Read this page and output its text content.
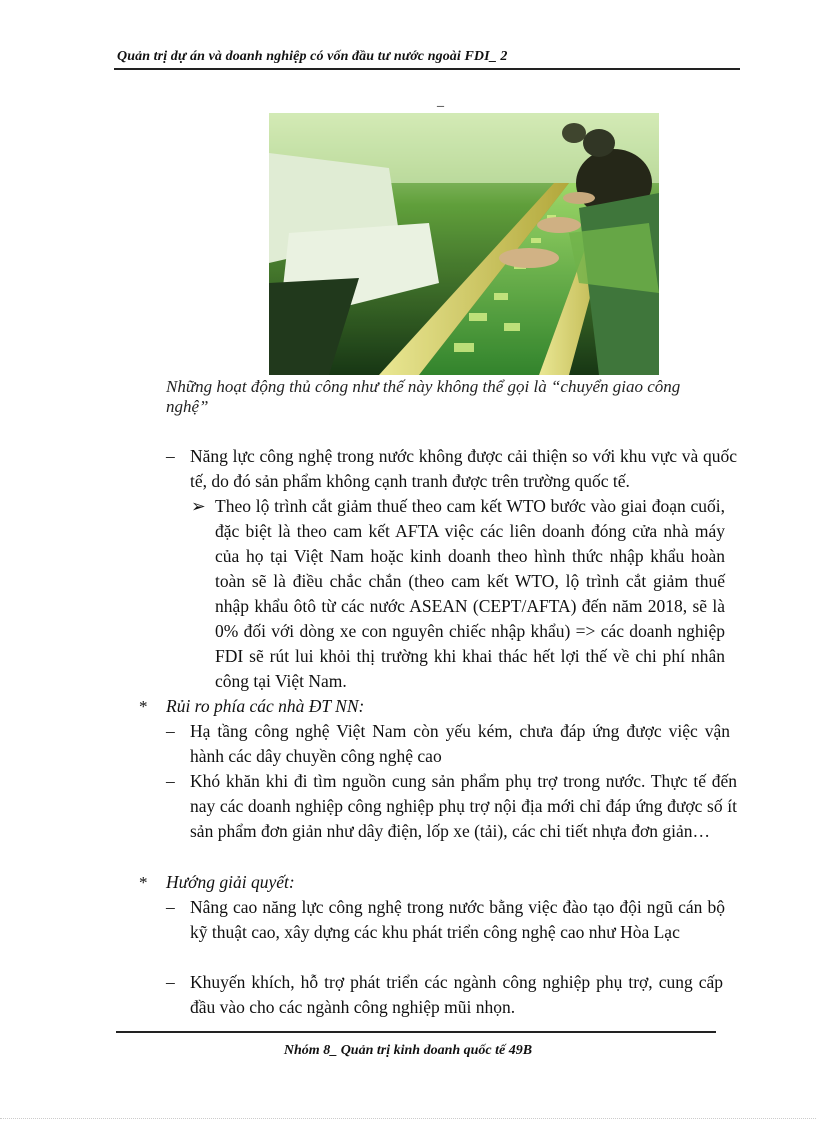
Quản trị dự án và doanh nghiệp có vốn đầu tư nước ngoài FDI_ 2
_
Những hoạt động thủ công như thế này không thể gọi là “chuyển giao công nghệ”
– Năng lực công nghệ trong nước không được cải thiện so với khu vực và quốc tế, do đó sản phẩm không cạnh tranh được trên trường quốc tế.
➢ Theo lộ trình cắt giảm thuế theo cam kết WTO bước vào giai đoạn cuối, đặc biệt là theo cam kết AFTA việc các liên doanh đóng cửa nhà máy của họ tại Việt Nam hoặc kinh doanh theo hình thức nhập khẩu hoàn toàn sẽ là điều chắc chắn (theo cam kết WTO, lộ trình cắt giảm thuế nhập khẩu ôtô từ các nước ASEAN (CEPT/AFTA) đến năm 2018, sẽ là 0% đối với dòng xe con nguyên chiếc nhập khẩu) => các doanh nghiệp FDI sẽ rút lui khỏi thị trường khi khai thác hết lợi thế về chi phí nhân công tại Việt Nam.
* Rủi ro phía các nhà ĐT NN:
– Hạ tầng công nghệ Việt Nam còn yếu kém, chưa đáp ứng được việc vận hành các dây chuyền công nghệ cao
– Khó khăn khi đi tìm nguồn cung sản phẩm phụ trợ trong nước. Thực tế đến nay các doanh nghiệp công nghiệp phụ trợ nội địa mới chỉ đáp ứng được số ít sản phẩm đơn giản như dây điện, lốp xe (tải), các chi tiết nhựa đơn giản…
* Hướng giải quyết:
– Nâng cao năng lực công nghệ trong nước bằng việc đào tạo đội ngũ cán bộ kỹ thuật cao, xây dựng các khu phát triển công nghệ cao như Hòa Lạc
– Khuyến khích, hỗ trợ phát triển các ngành công nghiệp phụ trợ, cung cấp đầu vào cho các ngành công nghiệp mũi nhọn.
Nhóm 8_ Quản trị kinh doanh quốc tế 49B
